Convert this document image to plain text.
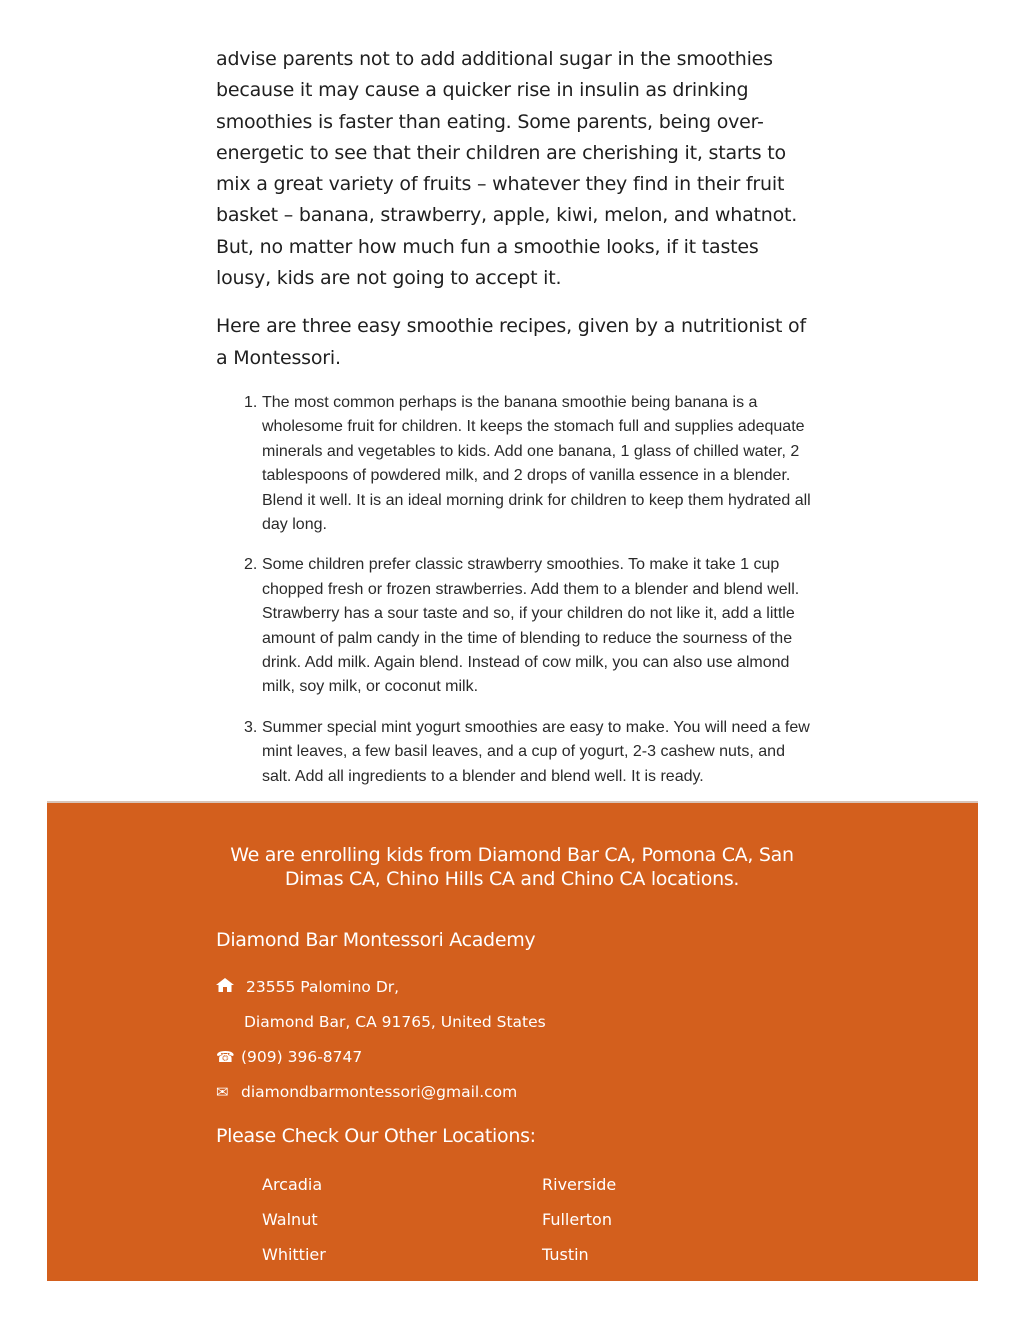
advise parents not to add additional sugar in the smoothies because it may cause a quicker rise in insulin as drinking smoothies is faster than eating. Some parents, being over-energetic to see that their children are cherishing it, starts to mix a great variety of fruits – whatever they find in their fruit basket – banana, strawberry, apple, kiwi, melon, and whatnot. But, no matter how much fun a smoothie looks, if it tastes lousy, kids are not going to accept it.

Here are three easy smoothie recipes, given by a nutritionist of a Montessori.

1. The most common perhaps is the banana smoothie being banana is a wholesome fruit for children. It keeps the stomach full and supplies adequate minerals and vegetables to kids. Add one banana, 1 glass of chilled water, 2 tablespoons of powdered milk, and 2 drops of vanilla essence in a blender. Blend it well. It is an ideal morning drink for children to keep them hydrated all day long.
2. Some children prefer classic strawberry smoothies. To make it take 1 cup chopped fresh or frozen strawberries. Add them to a blender and blend well. Strawberry has a sour taste and so, if your children do not like it, add a little amount of palm candy in the time of blending to reduce the sourness of the drink. Add milk. Again blend. Instead of cow milk, you can also use almond milk, soy milk, or coconut milk.
3. Summer special mint yogurt smoothies are easy to make. You will need a few mint leaves, a few basil leaves, and a cup of yogurt, 2-3 cashew nuts, and salt. Add all ingredients to a blender and blend well. It is ready.
We are enrolling kids from Diamond Bar CA, Pomona CA, San Dimas CA, Chino Hills CA and Chino CA locations.
Diamond Bar Montessori Academy
23555 Palomino Dr,
Diamond Bar, CA 91765, United States
☎ (909) 396-8747
✉ diamondbarmontessori@gmail.com
Please Check Our Other Locations:
Arcadia	Riverside
Walnut	Fullerton
Whittier	Tustin
